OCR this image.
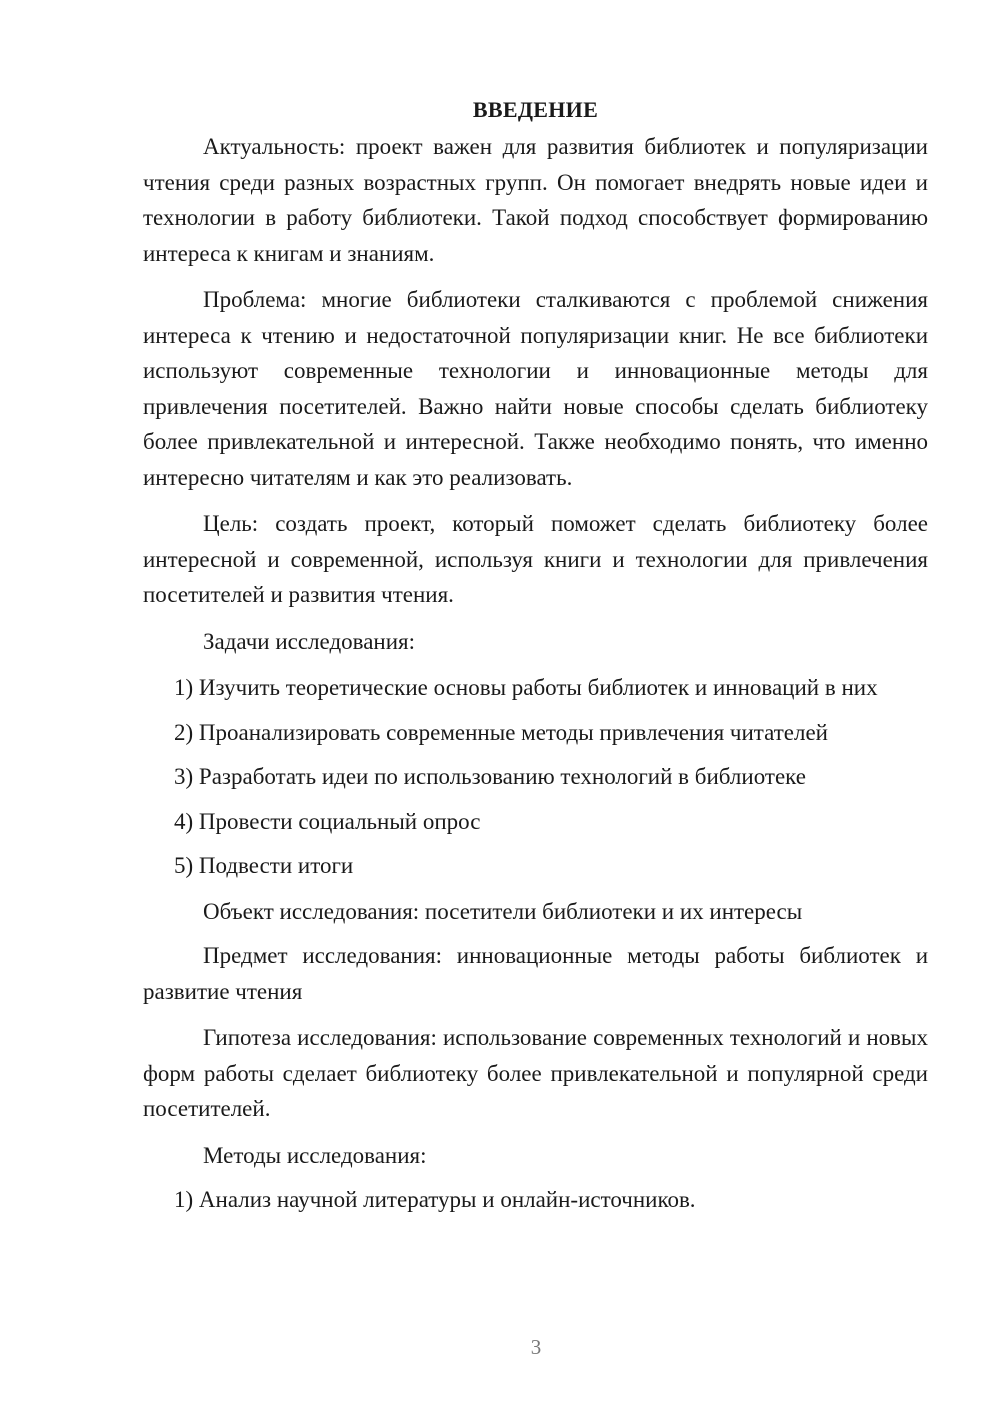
ВВЕДЕНИЕ

Актуальность: проект важен для развития библиотек и популяризации чтения среди разных возрастных групп. Он помогает внедрять новые идеи и технологии в работу библиотеки. Такой подход способствует формированию интереса к книгам и знаниям.

Проблема: многие библиотеки сталкиваются с проблемой снижения интереса к чтению и недостаточной популяризации книг. Не все библиотеки используют современные технологии и инновационные методы для привлечения посетителей. Важно найти новые способы сделать библиотеку более привлекательной и интересной. Также необходимо понять, что именно интересно читателям и как это реализовать.

Цель: создать проект, который поможет сделать библиотеку более интересной и современной, используя книги и технологии для привлечения посетителей и развития чтения.

Задачи исследования:

1) Изучить теоретические основы работы библиотек и инноваций в них

2) Проанализировать современные методы привлечения читателей

3) Разработать идеи по использованию технологий в библиотеке

4) Провести социальный опрос

5) Подвести итоги

Объект исследования: посетители библиотеки и их интересы

Предмет исследования: инновационные методы работы библиотек и развитие чтения

Гипотеза исследования: использование современных технологий и новых форм работы сделает библиотеку более привлекательной и популярной среди посетителей.

Методы исследования:

1) Анализ научной литературы и онлайн-источников.

3
